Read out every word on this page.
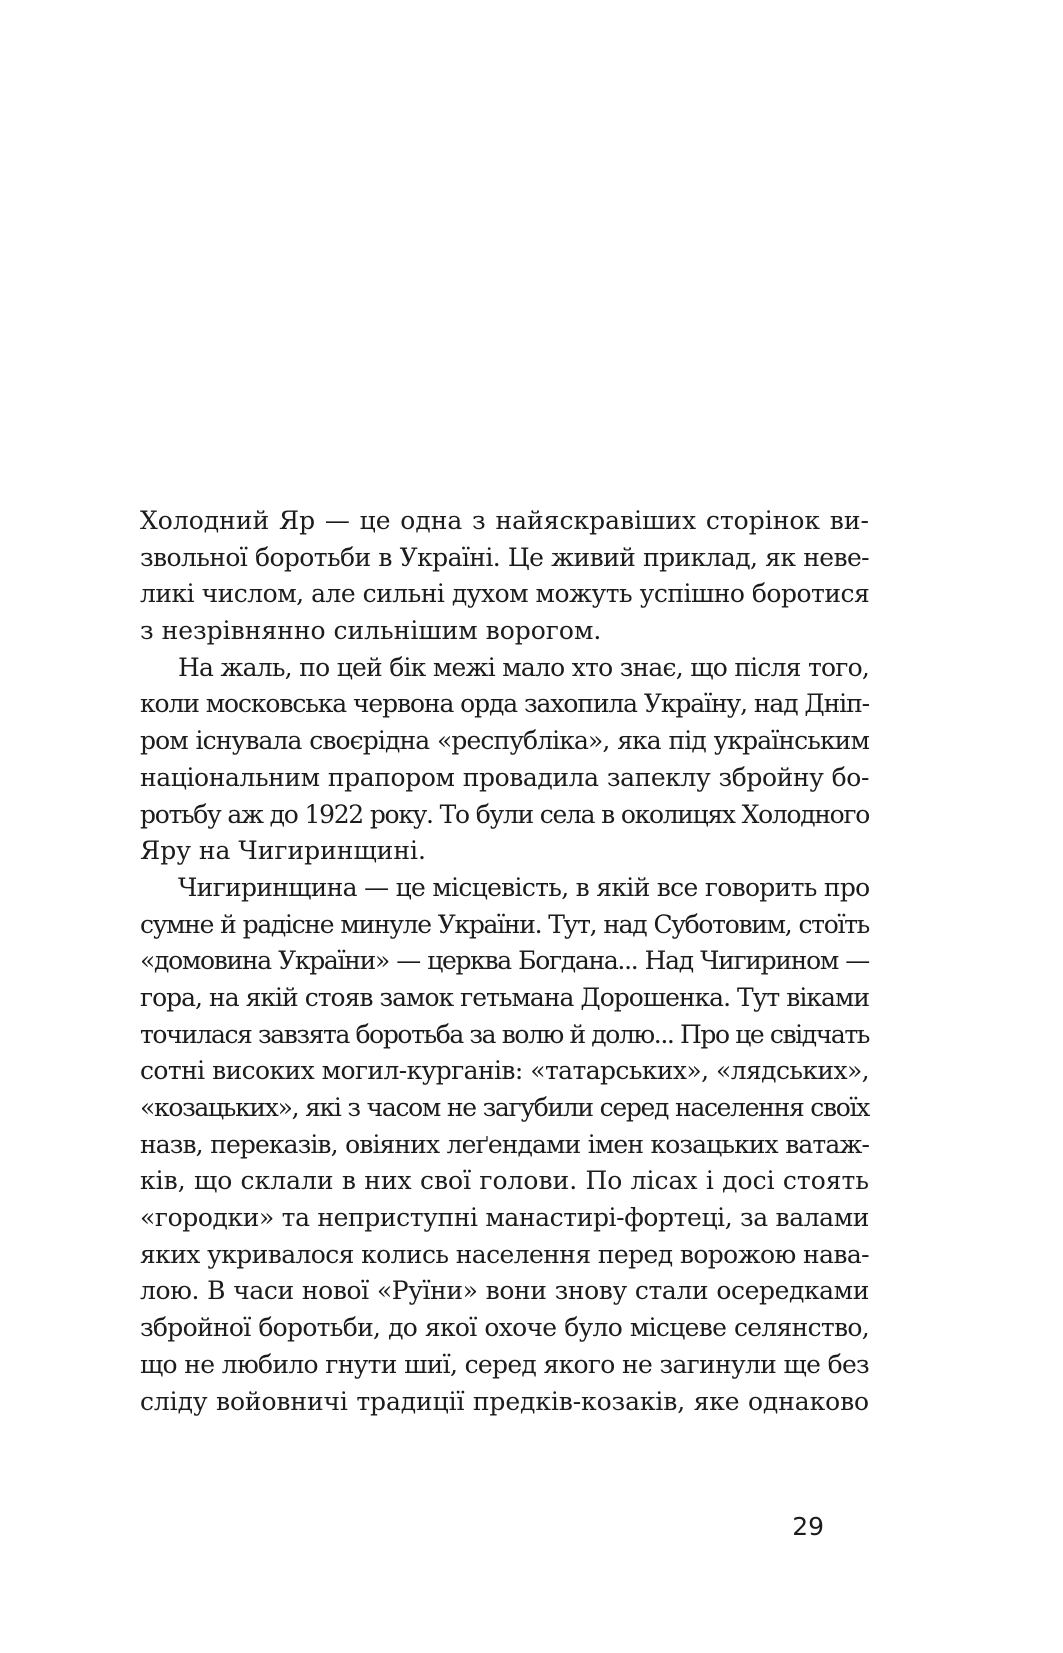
Холодний Яр — це одна з найяскравіших сторінок ви-
звольної боротьби в Україні. Це живий приклад, як неве-
ликі числом, але сильні духом можуть успішно боротися
з незрівнянно сильнішим ворогом.
На жаль, по цей бік межі мало хто знає, що після того,
коли московська червона орда захопила Україну, над Дніп-
ром існувала своєрідна «республіка», яка під українським
національним прапором провадила запеклу збройну бо-
ротьбу аж до 1922 року. То були села в околицях Холодного
Яру на Чигиринщині.
Чигиринщина — це місцевість, в якій все говорить про
сумне й радісне минуле України. Тут, над Суботовим, стоїть
«домовина України» — церква Богдана... Над Чигирином —
гора, на якій стояв замок гетьмана Дорошенка. Тут віками
точилася завзята боротьба за волю й долю... Про це свідчать
сотні високих могил-курганів: «татарських», «лядських»,
«козацьких», які з часом не загубили серед населення своїх
назв, переказів, овіяних леґендами імен козацьких ватаж-
ків, що склали в них свої голови. По лісах і досі стоять
«городки» та неприступні манастирі-фортеці, за валами
яких укривалося колись населення перед ворожою нава-
лою. В часи нової «Руїни» вони знову стали осередками
збройної боротьби, до якої охоче було місцеве селянство,
що не любило гнути шиї, серед якого не загинули ще без
сліду войовничі традиції предків-козаків, яке однаково
29
